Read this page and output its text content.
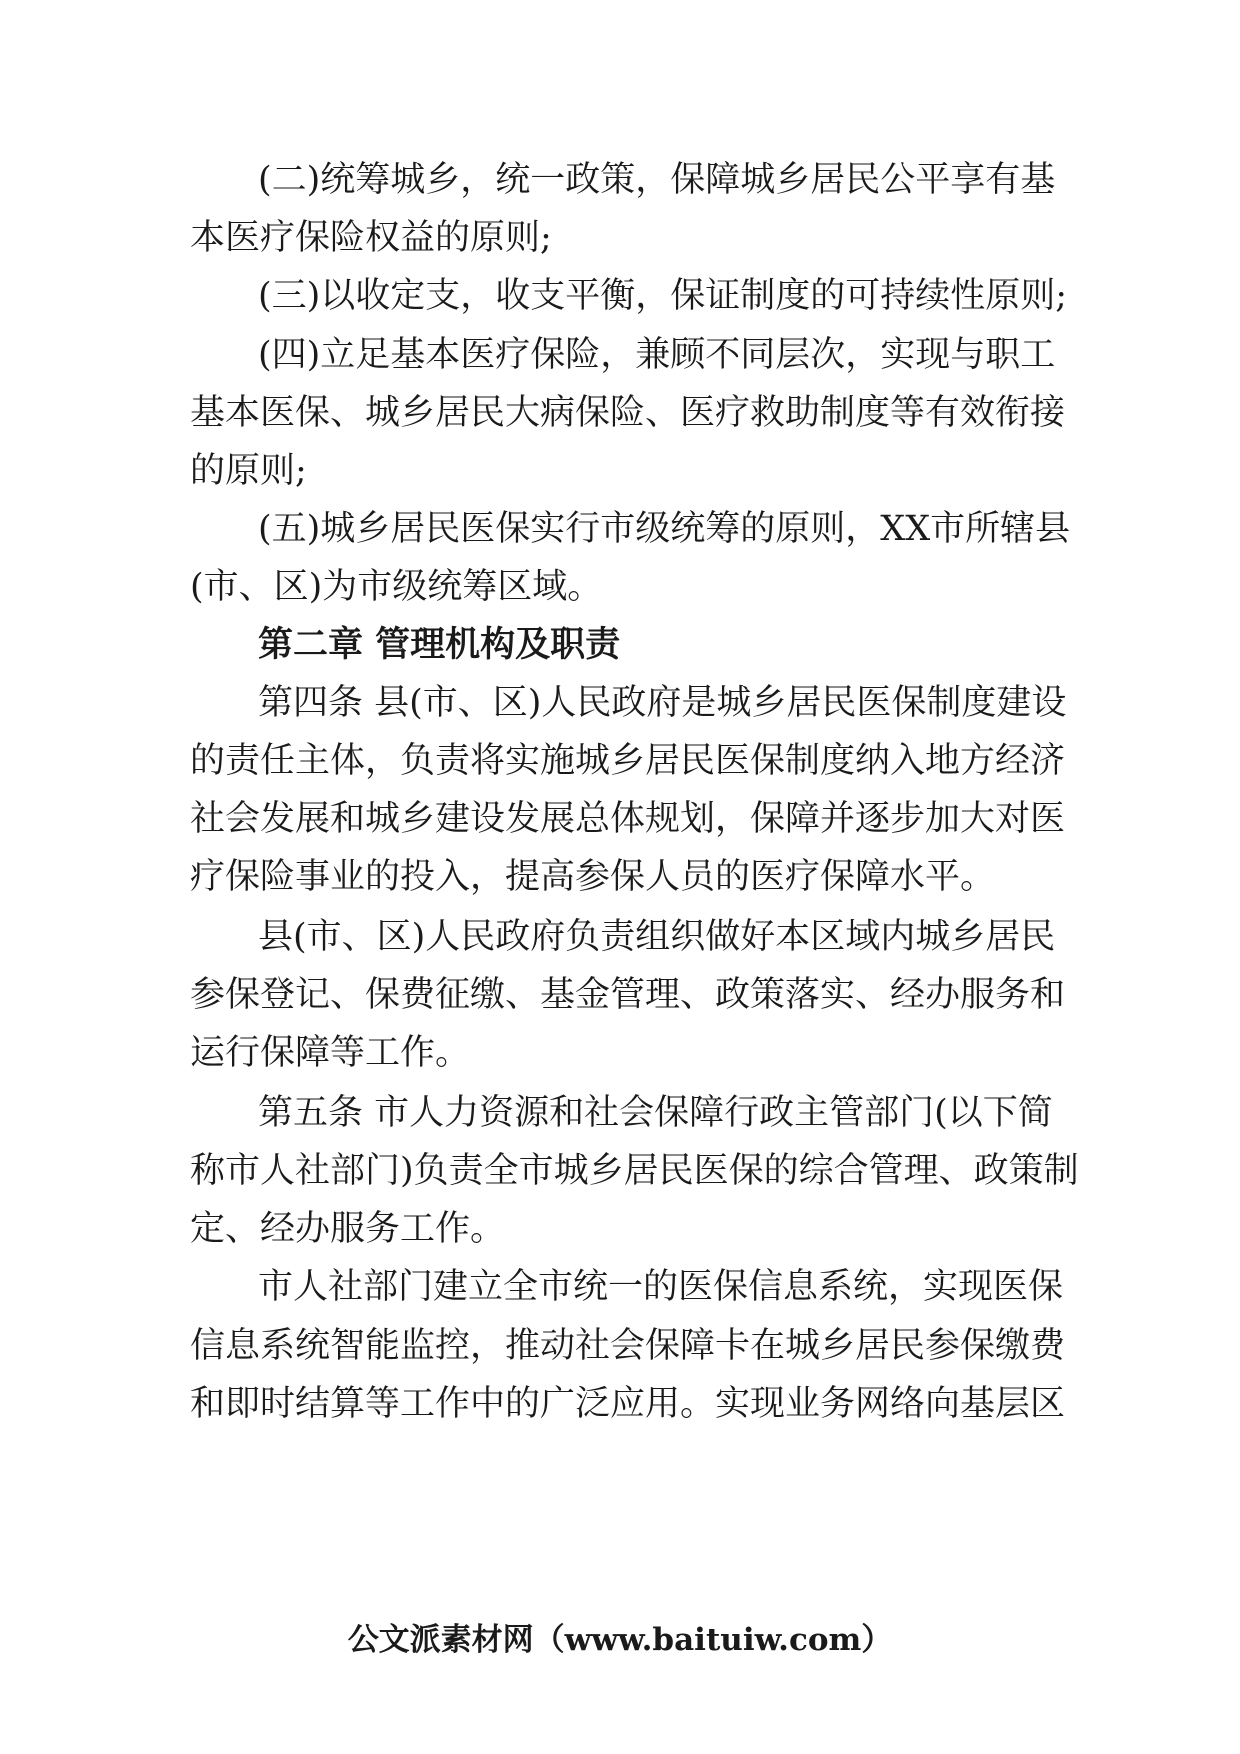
(二)统筹城乡，统一政策，保障城乡居民公平享有基
本医疗保险权益的原则;
(三)以收定支，收支平衡，保证制度的可持续性原则;
(四)立足基本医疗保险，兼顾不同层次，实现与职工
基本医保、城乡居民大病保险、医疗救助制度等有效衔接
的原则;
(五)城乡居民医保实行市级统筹的原则，XX市所辖县
(市、区)为市级统筹区域。
第二章 管理机构及职责
第四条 县(市、区)人民政府是城乡居民医保制度建设
的责任主体，负责将实施城乡居民医保制度纳入地方经济
社会发展和城乡建设发展总体规划，保障并逐步加大对医
疗保险事业的投入，提高参保人员的医疗保障水平。
县(市、区)人民政府负责组织做好本区域内城乡居民
参保登记、保费征缴、基金管理、政策落实、经办服务和
运行保障等工作。
第五条 市人力资源和社会保障行政主管部门(以下简
称市人社部门)负责全市城乡居民医保的综合管理、政策制
定、经办服务工作。
市人社部门建立全市统一的医保信息系统，实现医保
信息系统智能监控，推动社会保障卡在城乡居民参保缴费
和即时结算等工作中的广泛应用。实现业务网络向基层区
公文派素材网（www.baituiw.com）
